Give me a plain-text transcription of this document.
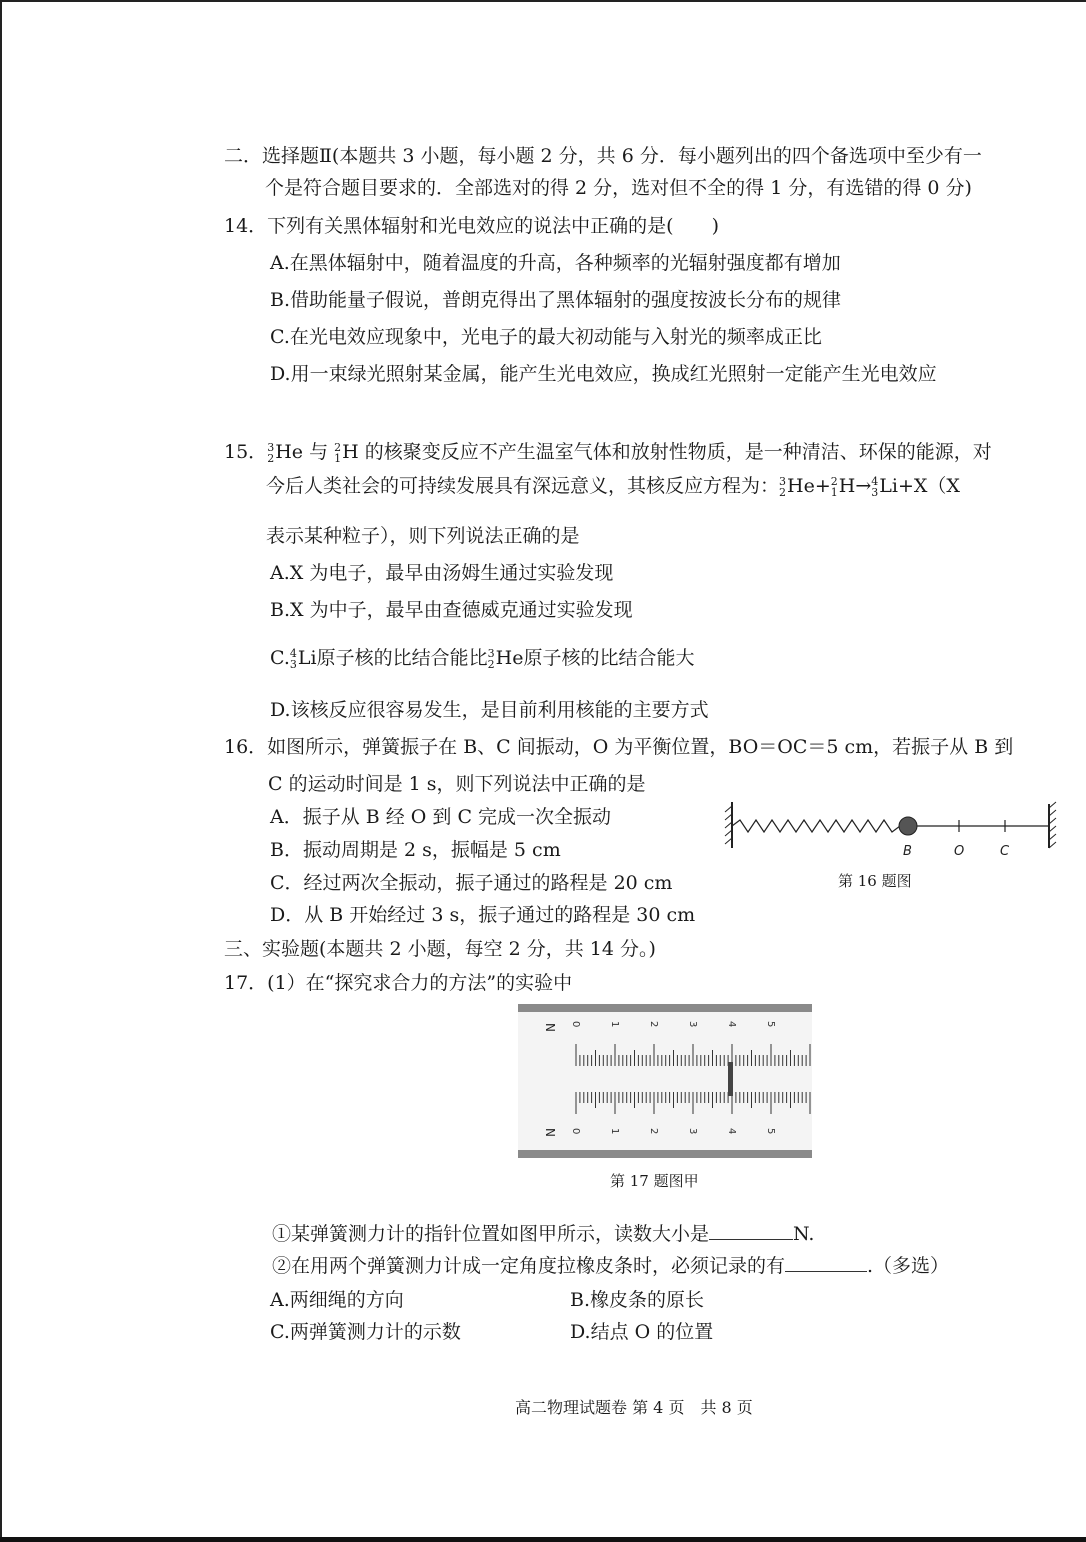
二．选择题Ⅱ(本题共 3 小题，每小题 2 分，共 6 分．每小题列出的四个备选项中至少有一
个是符合题目要求的．全部选对的得 2 分，选对但不全的得 1 分，有选错的得 0 分)
14．下列有关黑体辐射和光电效应的说法中正确的是(　　)
A.在黑体辐射中，随着温度的升高，各种频率的光辐射强度都有增加
B.借助能量子假说，普朗克得出了黑体辐射的强度按波长分布的规律
C.在光电效应现象中，光电子的最大初动能与入射光的频率成正比
D.用一束绿光照射某金属，能产生光电效应，换成红光照射一定能产生光电效应
15． 3
2 He 与 2
1 H 的核聚变反应不产生温室气体和放射性物质，是一种清洁、环保的能源，对
今后人类社会的可持续发展具有深远意义，其核反应方程为： 3
2 He+ 2
1 H→ 4
3 Li+X（X
表示某种粒子），则下列说法正确的是
A.X 为电子，最早由汤姆生通过实验发现
B.X 为中子，最早由查德威克通过实验发现
C. 4
3 Li原子核的比结合能比 3
2 He原子核的比结合能大
D.该核反应很容易发生，是目前利用核能的主要方式
16．如图所示，弹簧振子在 B、C 间振动，O 为平衡位置，BO＝OC＝5 cm，若振子从 B 到
C 的运动时间是 1 s，则下列说法中正确的是
A．振子从 B 经 O 到 C 完成一次全振动
B．振动周期是 2 s，振幅是 5 cm
C．经过两次全振动，振子通过的路程是 20 cm
D．从 B 开始经过 3 s，振子通过的路程是 30 cm
B	O	C
第 16 题图
三、实验题(本题共 2 小题，每空 2 分，共 14 分。)
17．(1）在“探究求合力的方法”的实验中
N
N
0	1	2	3	4	5
0	1	2	3	4	5
第 17 题图甲
①某弹簧测力计的指针位置如图甲所示，读数大小是	N.
②在用两个弹簧测力计成一定角度拉橡皮条时，必须记录的有	.（多选）
A.两细绳的方向	B.橡皮条的原长
C.两弹簧测力计的示数	D.结点 O 的位置
高二物理试题卷 第 4 页　共 8 页
